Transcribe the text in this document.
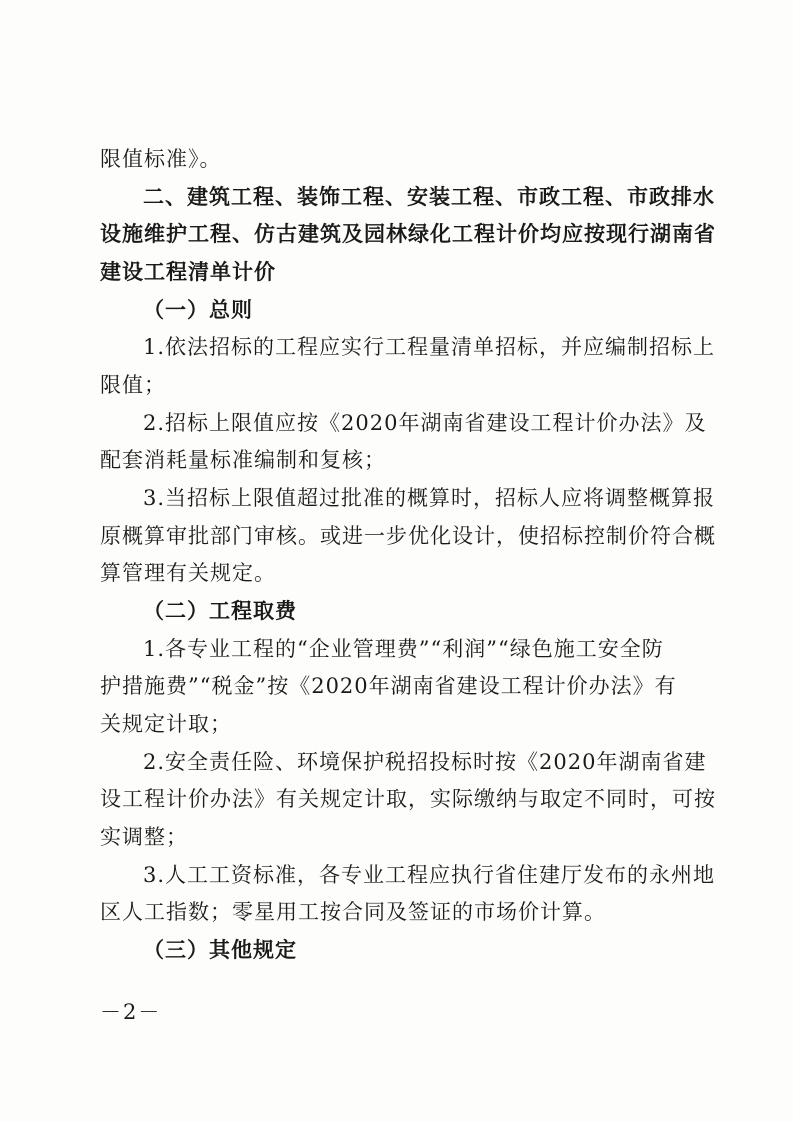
限值标准》。
二、建筑工程、装饰工程、安装工程、市政工程、市政排水
设施维护工程、仿古建筑及园林绿化工程计价均应按现行湖南省
建设工程清单计价
（一）总则
1.依法招标的工程应实行工程量清单招标，并应编制招标上
限值；
2.招标上限值应按《2020年湖南省建设工程计价办法》及
配套消耗量标准编制和复核；
3.当招标上限值超过批准的概算时，招标人应将调整概算报
原概算审批部门审核。或进一步优化设计，使招标控制价符合概
算管理有关规定。
（二）工程取费
1.各专业工程的“企业管理费”“利润”“绿色施工安全防
护措施费”“税金”按《2020年湖南省建设工程计价办法》有
关规定计取；
2.安全责任险、环境保护税招投标时按《2020年湖南省建
设工程计价办法》有关规定计取，实际缴纳与取定不同时，可按
实调整；
3.人工工资标准，各专业工程应执行省住建厅发布的永州地
区人工指数；零星用工按合同及签证的市场价计算。
（三）其他规定
－2－
